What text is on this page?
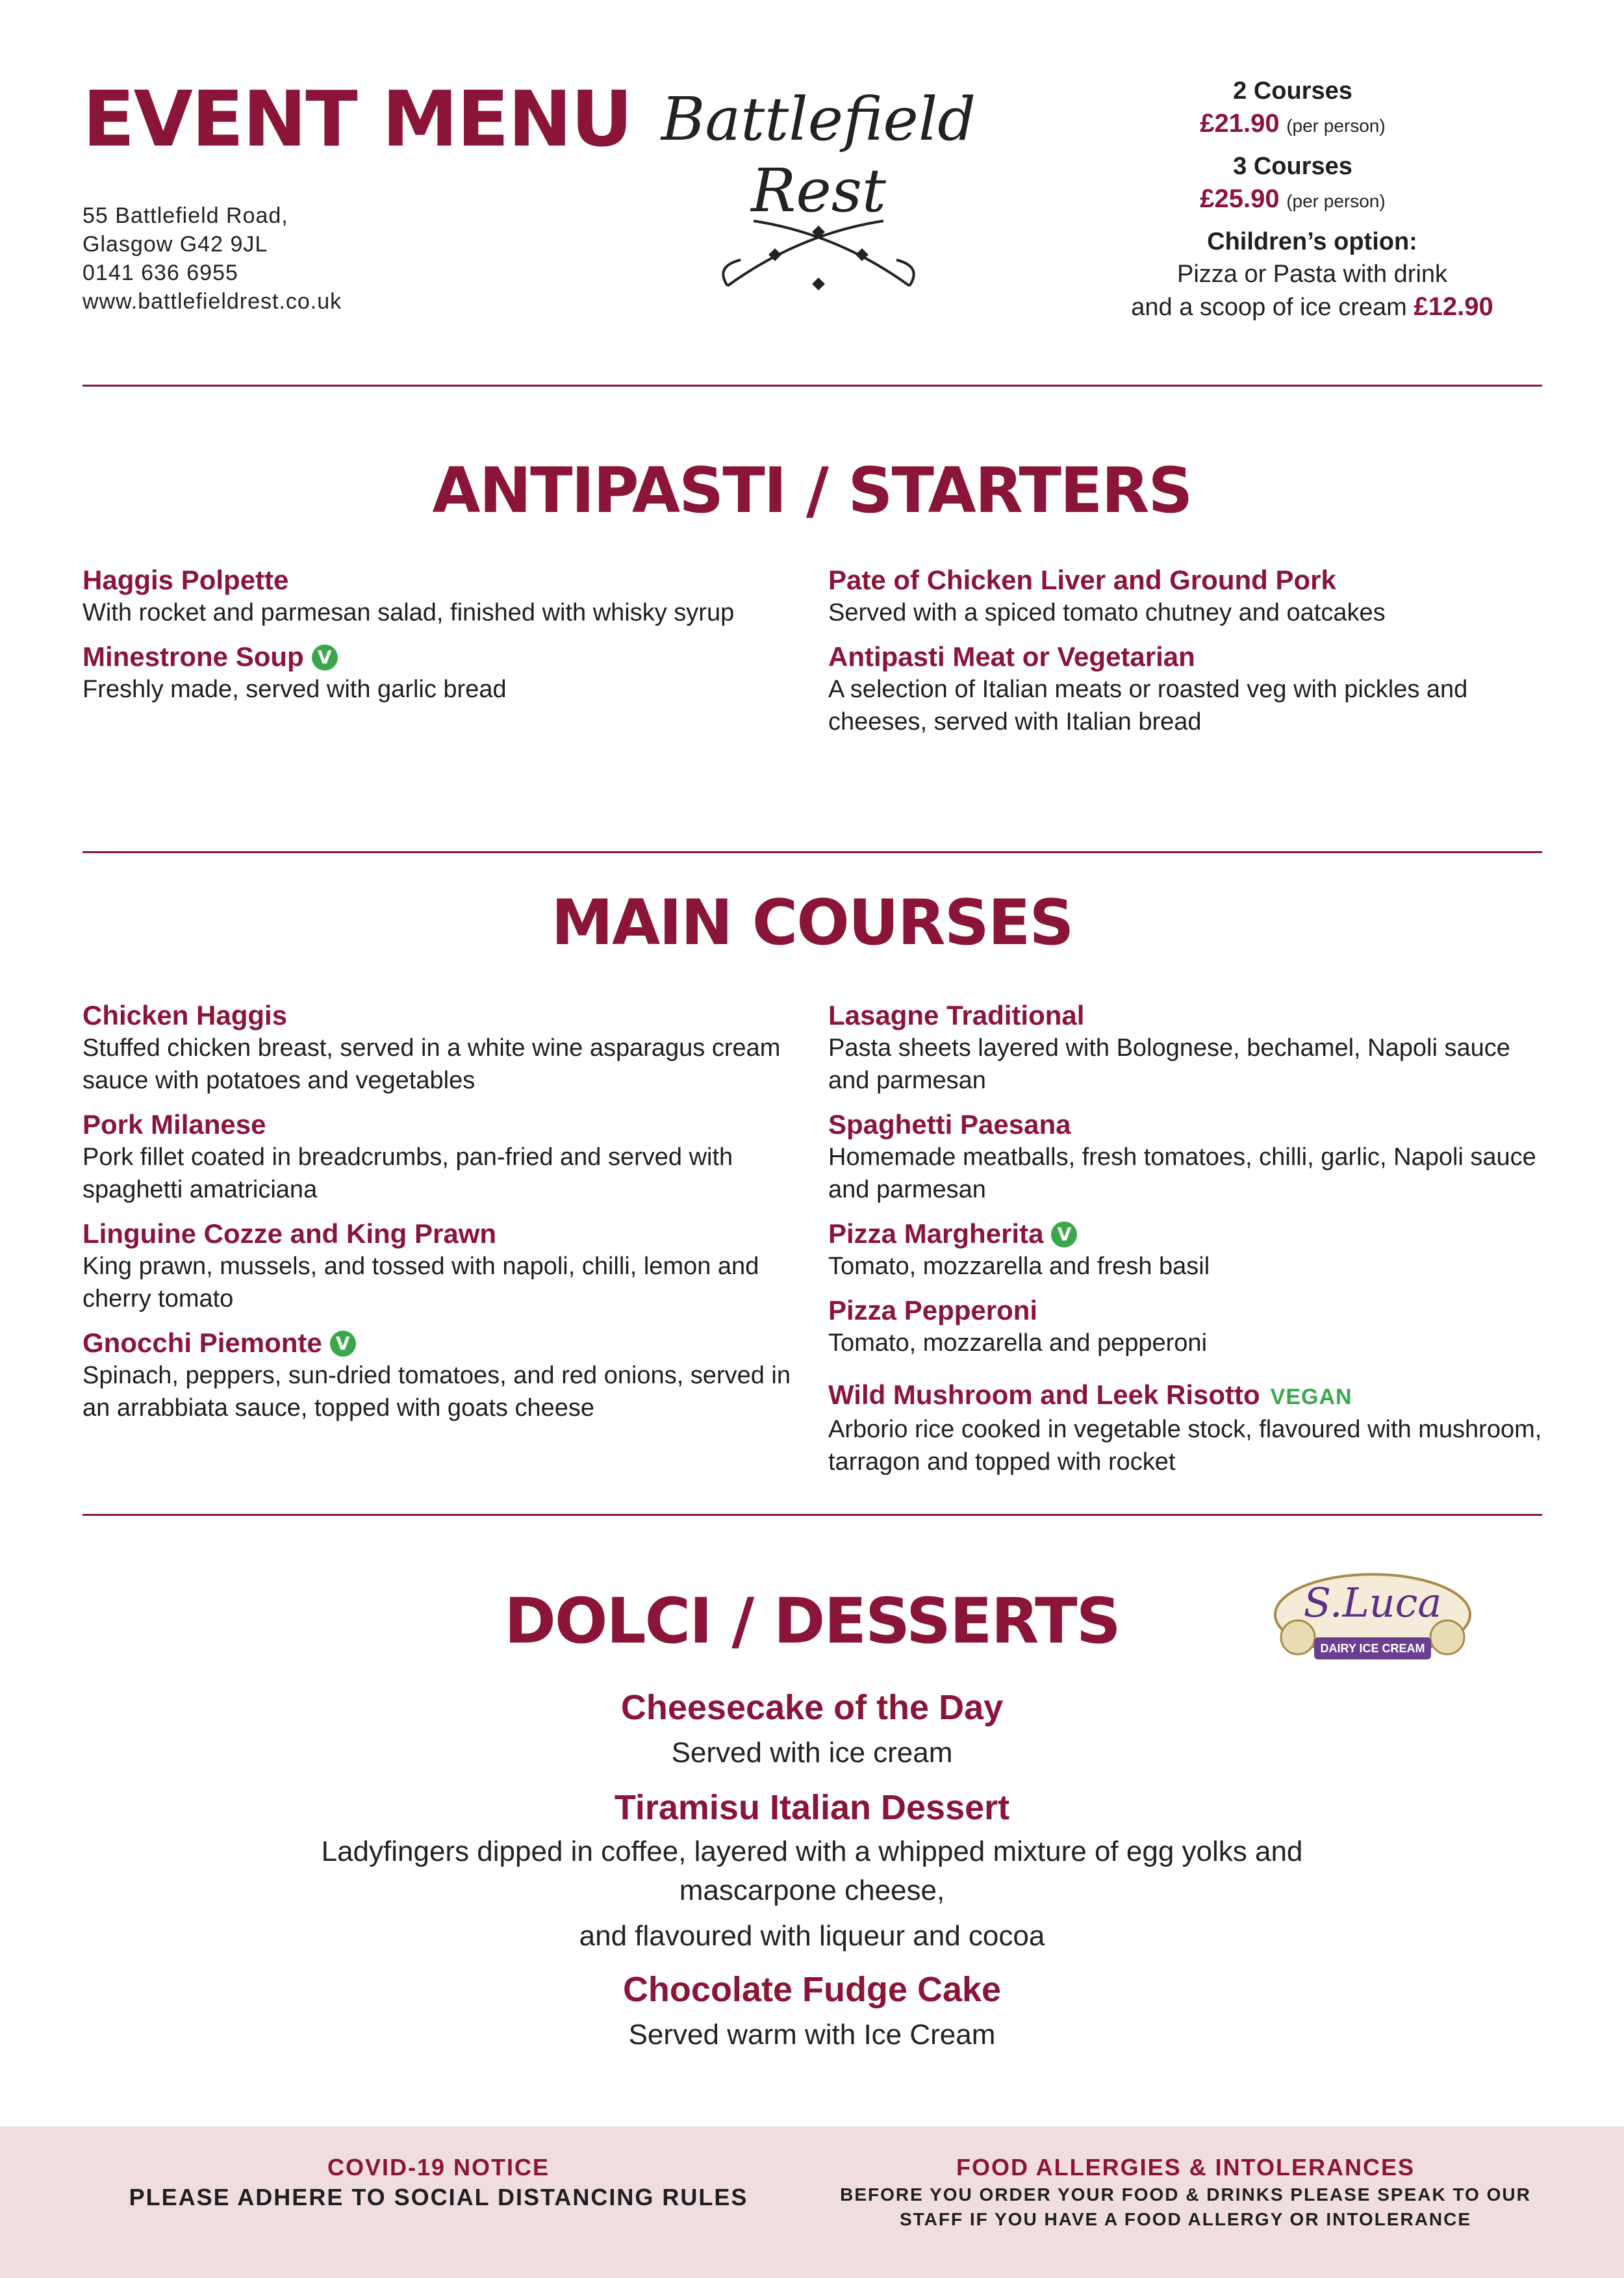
EVENT MENU
55 Battlefield Road,
Glasgow G42 9JL
0141 636 6955
www.battlefieldrest.co.uk
Battlefield
Rest
2 Courses
£21.90 (per person)
3 Courses
£25.90 (per person)
Children’s option:
Pizza or Pasta with drink
and a scoop of ice cream £12.90
ANTIPASTI / STARTERS

Haggis Polpette

With rocket and parmesan salad, finished with whisky syrup

Minestrone Soup V

Freshly made, served with garlic bread

Pate of Chicken Liver and Ground Pork

Served with a spiced tomato chutney and oatcakes

Antipasti Meat or Vegetarian

A selection of Italian meats or roasted veg with pickles and cheeses, served with Italian bread

MAIN COURSES

Chicken Haggis

Stuffed chicken breast, served in a white wine asparagus cream sauce with potatoes and vegetables

Pork Milanese

Pork fillet coated in breadcrumbs, pan-fried and served with spaghetti amatriciana

Linguine Cozze and King Prawn

King prawn, mussels, and tossed with napoli, chilli, lemon and cherry tomato

Gnocchi Piemonte V

Spinach, peppers, sun-dried tomatoes, and red onions, served in an arrabbiata sauce, topped with goats cheese

Lasagne Traditional

Pasta sheets layered with Bolognese, bechamel, Napoli sauce and parmesan

Spaghetti Paesana

Homemade meatballs, fresh tomatoes, chilli, garlic, Napoli sauce and parmesan

Pizza Margherita V

Tomato, mozzarella and fresh basil

Pizza Pepperoni

Tomato, mozzarella and pepperoni

Wild Mushroom and Leek Risotto VEGAN

Arborio rice cooked in vegetable stock, flavoured with mushroom, tarragon and topped with rocket

DOLCI / DESSERTS	S.Luca
DAIRY ICE CREAM
Cheesecake of the Day
Served with ice cream
Tiramisu Italian Dessert
Ladyfingers dipped in coffee, layered with a whipped mixture of egg yolks and
mascarpone cheese,
and flavoured with liqueur and cocoa
Chocolate Fudge Cake
Served warm with Ice Cream
COVID-19 NOTICE
PLEASE ADHERE TO SOCIAL DISTANCING RULES
FOOD ALLERGIES & INTOLERANCES
BEFORE YOU ORDER YOUR FOOD & DRINKS PLEASE SPEAK TO OUR
STAFF IF YOU HAVE A FOOD ALLERGY OR INTOLERANCE
